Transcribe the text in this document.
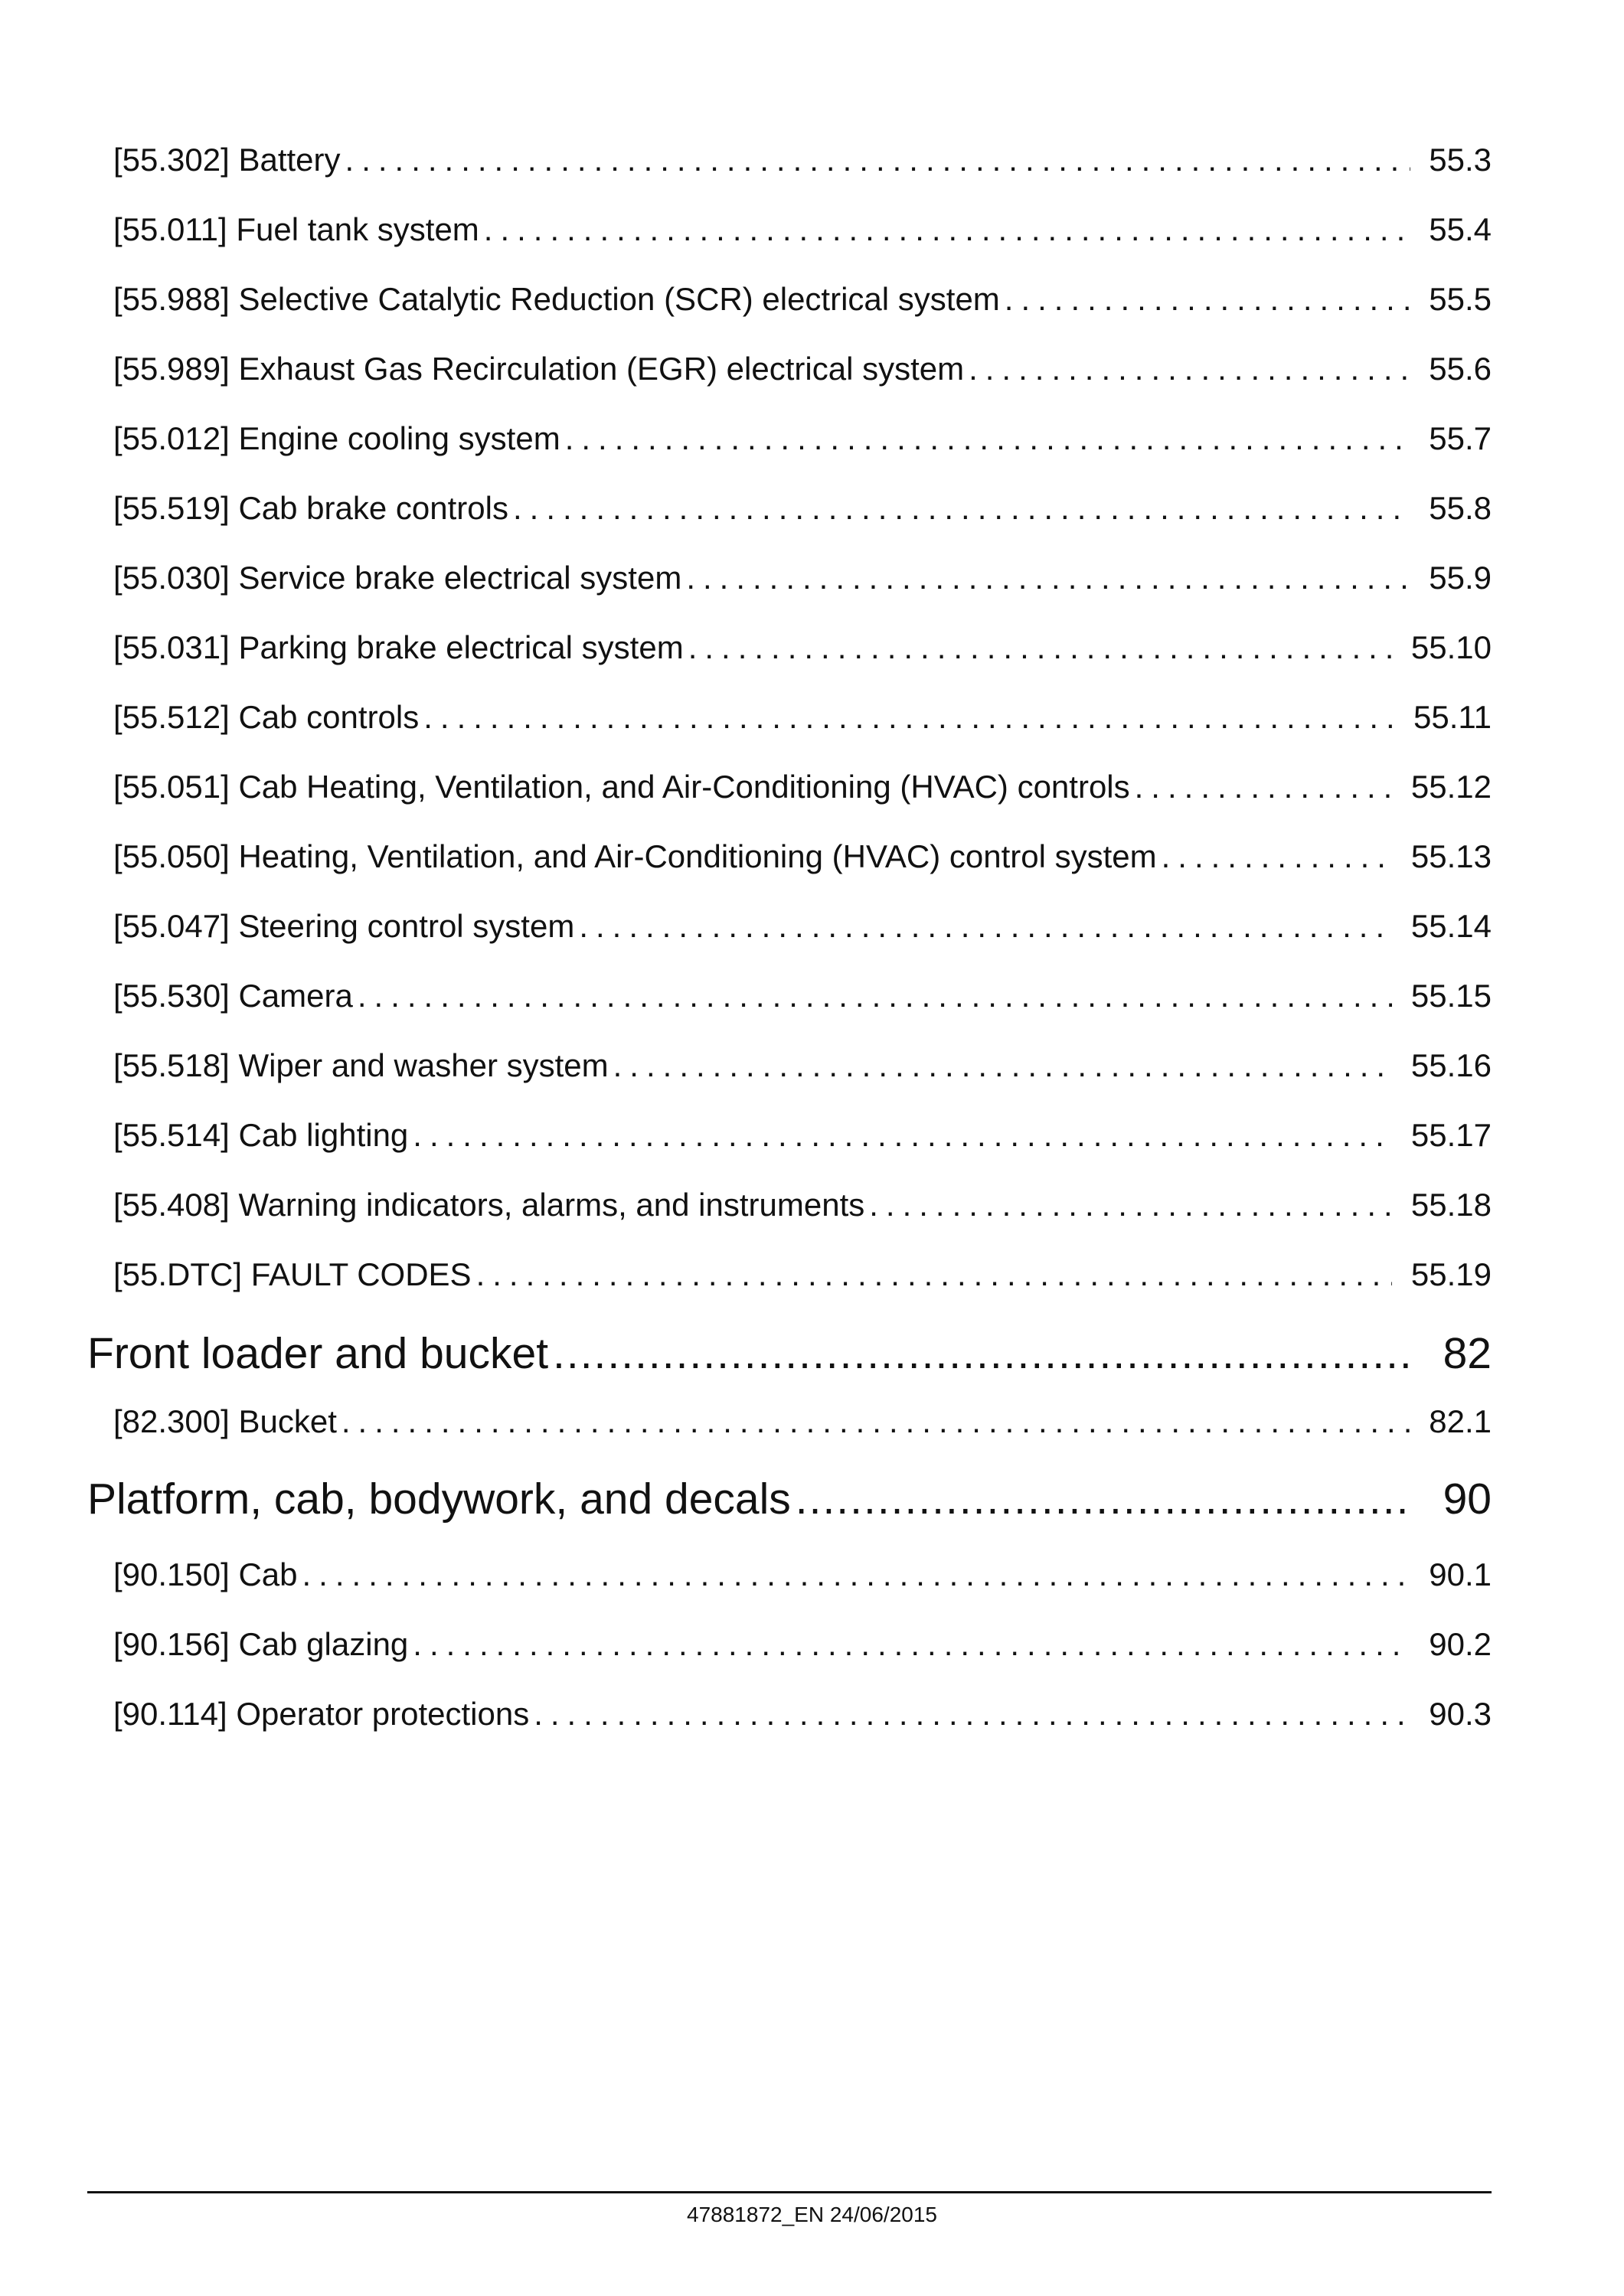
[55.302] Battery .....	55.3
[55.011] Fuel tank system .....	55.4
[55.988] Selective Catalytic Reduction (SCR) electrical system .....	55.5
[55.989] Exhaust Gas Recirculation (EGR) electrical system .....	55.6
[55.012] Engine cooling system .....	55.7
[55.519] Cab brake controls .....	55.8
[55.030] Service brake electrical system .....	55.9
[55.031] Parking brake electrical system .....	55.10
[55.512] Cab controls .....	55.11
[55.051] Cab Heating, Ventilation, and Air-Conditioning (HVAC) controls .....	55.12
[55.050] Heating, Ventilation, and Air-Conditioning (HVAC) control system .....	55.13
[55.047] Steering control system .....	55.14
[55.530] Camera .....	55.15
[55.518] Wiper and washer system .....	55.16
[55.514] Cab lighting .....	55.17
[55.408] Warning indicators, alarms, and instruments .....	55.18
[55.DTC] FAULT CODES .....	55.19
Front loader and bucket .....	82
[82.300] Bucket .....	82.1
Platform, cab, bodywork, and decals .....	90
[90.150] Cab .....	90.1
[90.156] Cab glazing .....	90.2
[90.114] Operator protections .....	90.3
47881872_EN 24/06/2015
